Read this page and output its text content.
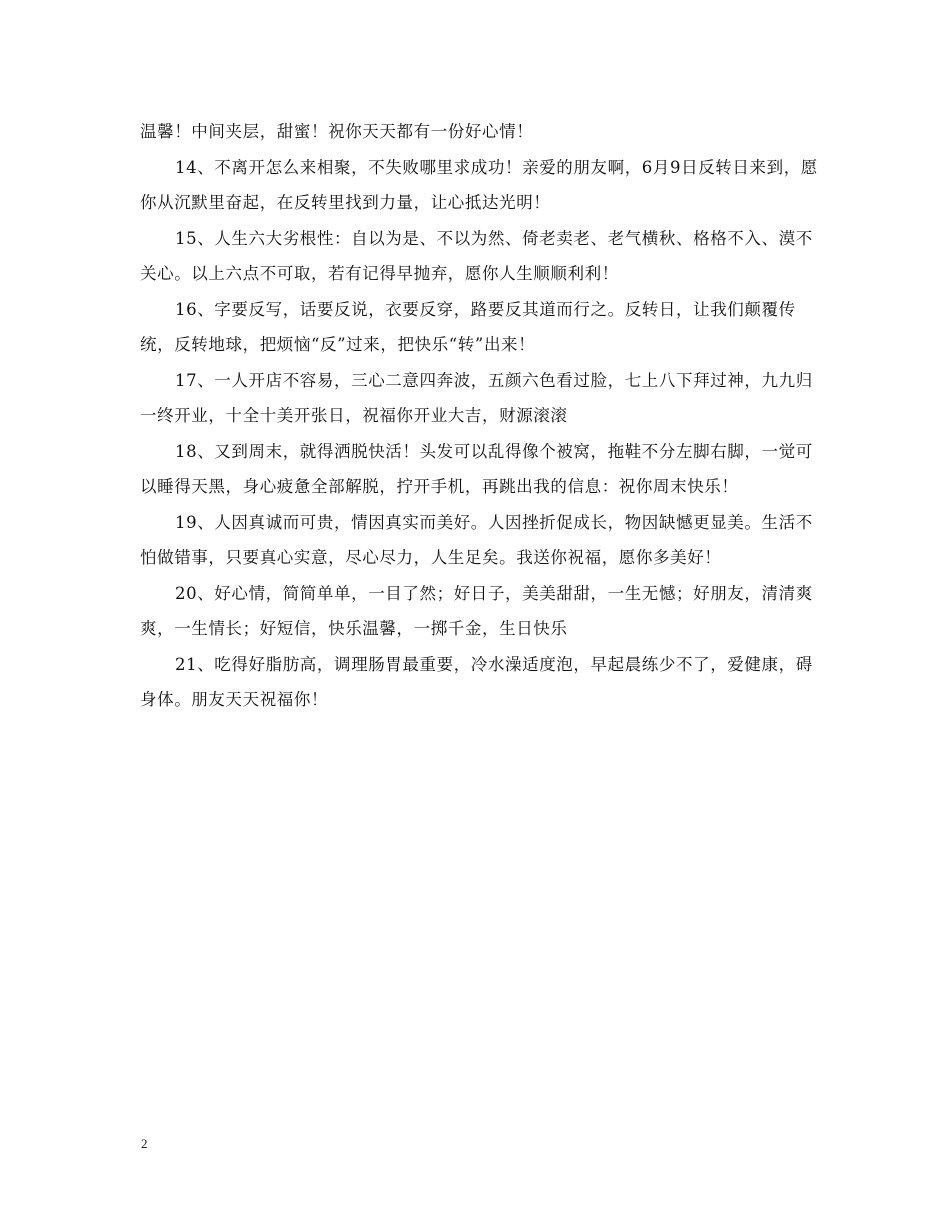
温馨！中间夹层，甜蜜！祝你天天都有一份好心情！

14、不离开怎么来相聚，不失败哪里求成功！亲爱的朋友啊，6月9日反转日来到，愿你从沉默里奋起，在反转里找到力量，让心抵达光明！

15、人生六大劣根性：自以为是、不以为然、倚老卖老、老气横秋、格格不入、漠不关心。以上六点不可取，若有记得早抛弃，愿你人生顺顺利利！

16、字要反写，话要反说，衣要反穿，路要反其道而行之。反转日，让我们颠覆传统，反转地球，把烦恼“反”过来，把快乐“转”出来！

17、一人开店不容易，三心二意四奔波，五颜六色看过脸，七上八下拜过神，九九归一终开业，十全十美开张日，祝福你开业大吉，财源滚滚

18、又到周末，就得洒脱快活！头发可以乱得像个被窝，拖鞋不分左脚右脚，一觉可以睡得天黑，身心疲惫全部解脱，拧开手机，再跳出我的信息：祝你周末快乐！

19、人因真诚而可贵，情因真实而美好。人因挫折促成长，物因缺憾更显美。生活不怕做错事，只要真心实意，尽心尽力，人生足矣。我送你祝福，愿你多美好！

20、好心情，简简单单，一目了然；好日子，美美甜甜，一生无憾；好朋友，清清爽爽，一生情长；好短信，快乐温馨，一掷千金，生日快乐

21、吃得好脂肪高，调理肠胃最重要，冷水澡适度泡，早起晨练少不了，爱健康，碍身体。朋友天天祝福你！

2
